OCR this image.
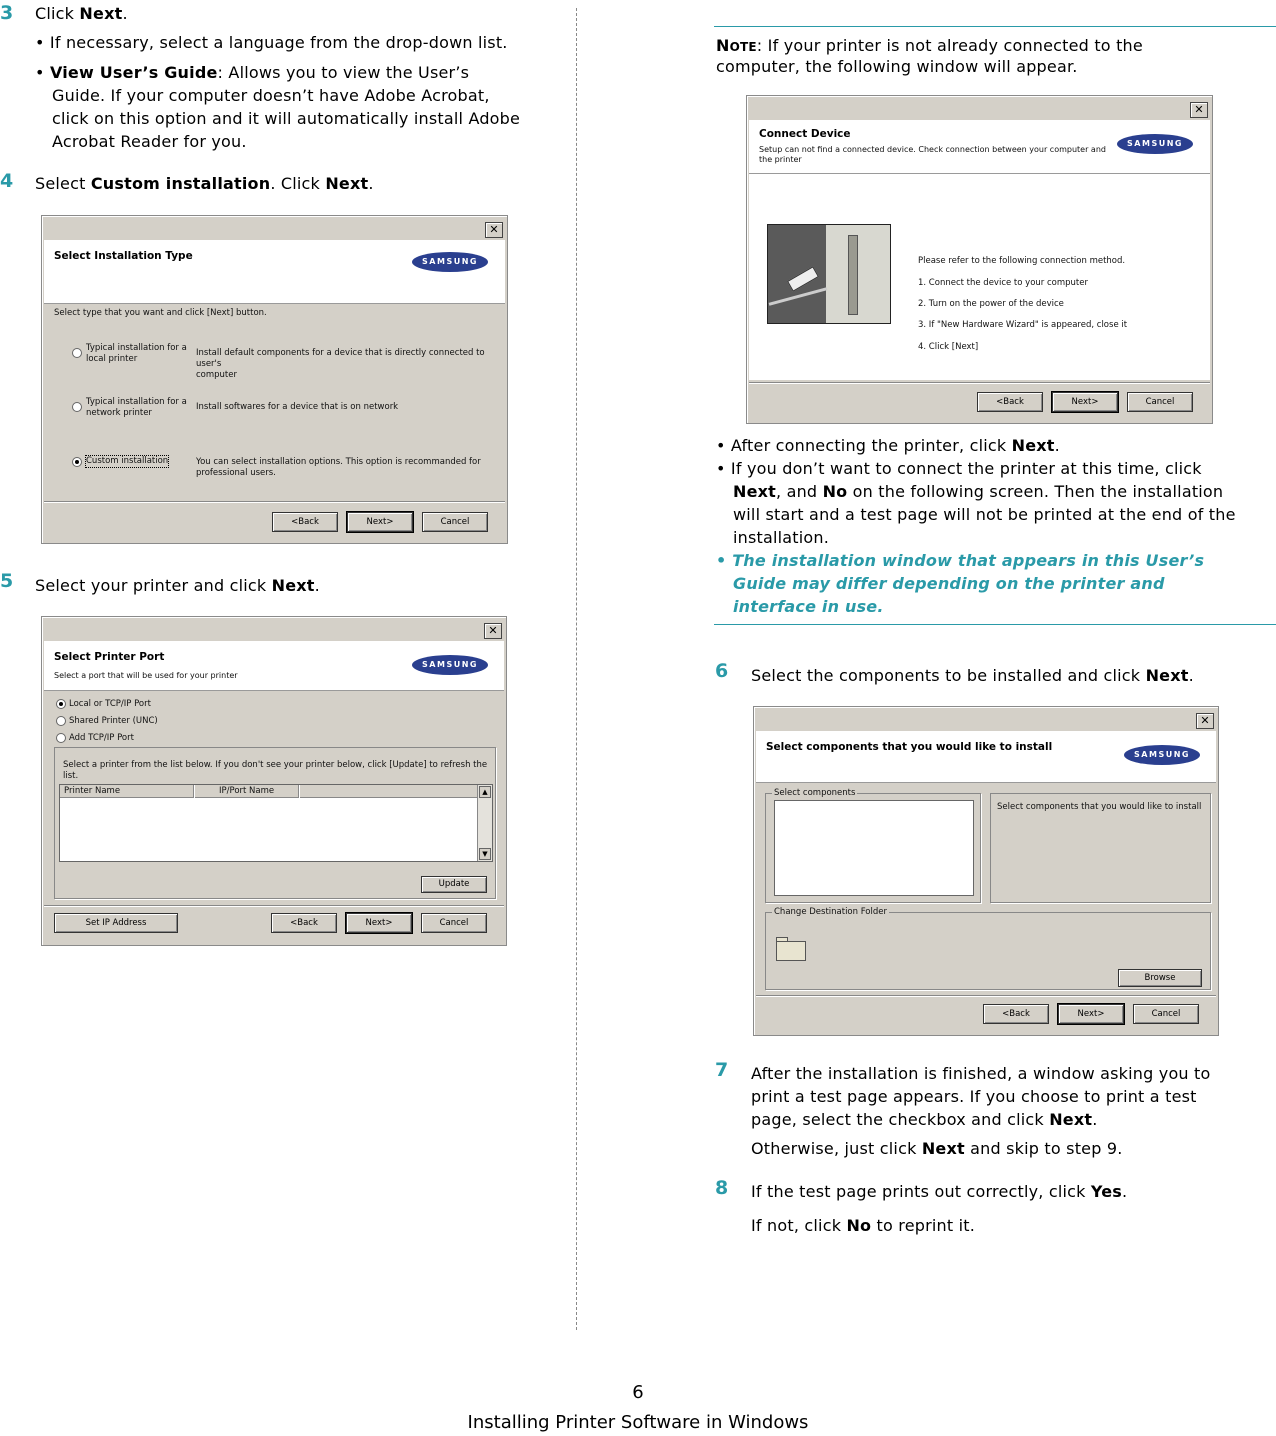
3 Click Next.
• If necessary, select a language from the drop-down list.
• View User’s Guide: Allows you to view the User’s
Guide. If your computer doesn’t have Adobe Acrobat,
click on this option and it will automatically install Adobe
Acrobat Reader for you.
4 Select Custom installation. Click Next.
✕
Select Installation Type	SAMSUNG
Select type that you want and click [Next] button.
Typical installation for a
local printer
Install default components for a device that is directly connected to user's
computer
Typical installation for a
network printer
Install softwares for a device that is on network
Custom installation	You can select installation options. This option is recommanded for
professional users.
<Back	Next>	Cancel
5 Select your printer and click Next.
✕
Select Printer Port
Select a port that will be used for your printer
SAMSUNG
Local or TCP/IP Port
Shared Printer (UNC)
Add TCP/IP Port
Select a printer from the list below. If you don't see your printer below, click [Update] to refresh the list.
Printer Name	IP/Port Name	▲
▼
Update
Set IP Address	<Back	Next>	Cancel
NOTE: If your printer is not already connected to the
computer, the following window will appear.
✕
Connect Device
Setup can not find a connected device. Check connection between your computer and
the printer
SAMSUNG
Please refer to the following connection method.
1. Connect the device to your computer
2. Turn on the power of the device
3. If "New Hardware Wizard" is appeared, close it
4. Click [Next]
<Back	Next>	Cancel
• After connecting the printer, click Next.
• If you don’t want to connect the printer at this time, click
Next, and No on the following screen. Then the installation
will start and a test page will not be printed at the end of the
installation.
• The installation window that appears in this User’s
Guide may differ depending on the printer and
interface in use.
6 Select the components to be installed and click Next.
✕
Select components that you would like to install
SAMSUNG
Select components
Select components that you would like to install
Change Destination Folder
Browse
<Back	Next>	Cancel
7 After the installation is finished, a window asking you to
print a test page appears. If you choose to print a test
page, select the checkbox and click Next.
Otherwise, just click Next and skip to step 9.
8 If the test page prints out correctly, click Yes.
If not, click No to reprint it.
6
Installing Printer Software in Windows
